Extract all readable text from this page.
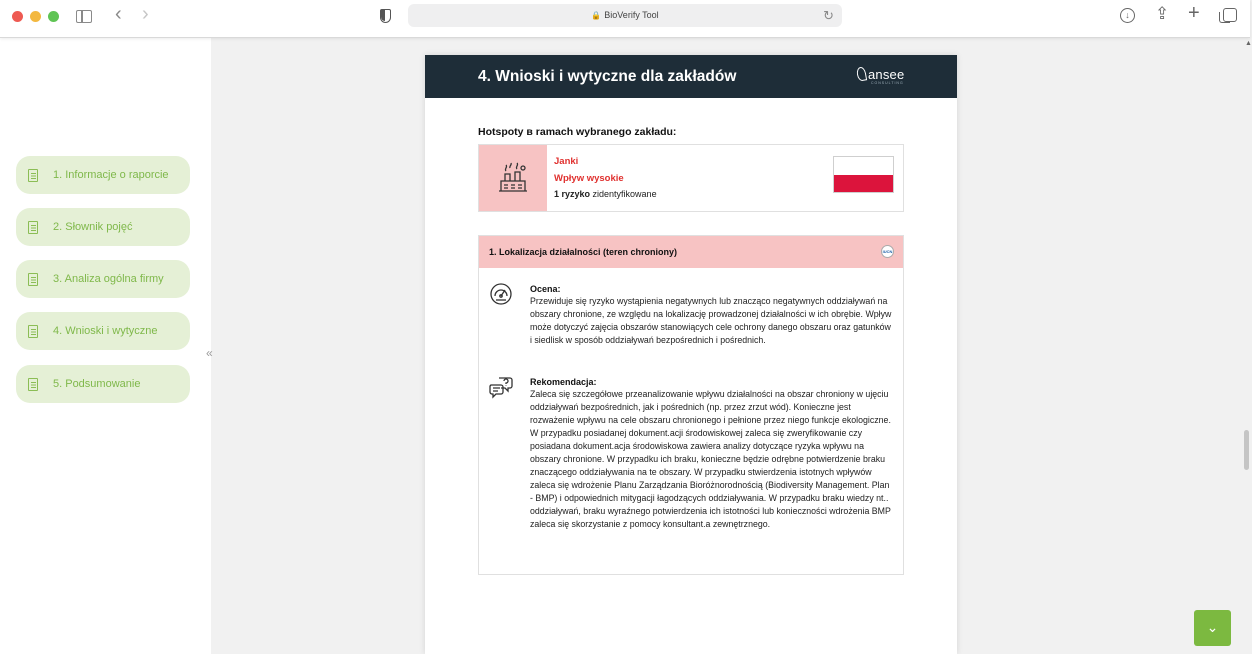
‹ ›	🔒 BioVerify Tool	↻	↓	⇪ +
1. Informacje o raporcie
2. Słownik pojęć
3. Analiza ogólna firmy
4. Wnioski i wytyczne
5. Podsumowanie
«
4. Wnioski i wytyczne dla zakładów	ansee
CONSULTING
Hotspoty в ramach wybranego zakładu:
Janki
Wpływ wysokie
1 ryzyko zidentyfikowane
1. Lokalizacja działalności (teren chroniony)	IUCN
Ocena:
Przewiduje się ryzyko wystąpienia negatywnych lub znacząco negatywnych oddziaływań na obszary chronione, ze względu na lokalizację prowadzonej działalności w ich obrębie. Wpływ może dotyczyć zajęcia obszarów stanowiących cele ochrony danego obszaru oraz gatunków i siedlisk w sposób oddziaływań bezpośrednich i pośrednich.
Rekomendacja:
Zaleca się szczegółowe przeanalizowanie wpływu działalności na obszar chroniony w ujęciu oddziaływań bezpośrednich, jak i pośrednich (np. przez zrzut wód). Konieczne jest rozważenie wpływu na cele obszaru chronionego i pełnione przez niego funkcje ekologiczne. W przypadku posiadanej dokument.acji środowiskowej zaleca się zweryfikowanie czy posiadana dokument.acja środowiskowa zawiera analizy dotyczące ryzyka wpływu na obszary chronione. W przypadku ich braku, konieczne będzie odrębne potwierdzenie braku znaczącego oddziaływania na te obszary. W przypadku stwierdzenia istotnych wpływów zaleca się wdrożenie Planu Zarządzania Bioróżnorodnością (Biodiversity Management. Plan - BMP) i odpowiednich mitygacji łagodzących oddziaływania. W przypadku braku wiedzy nt.. oddziaływań, braku wyraźnego potwierdzenia ich istotności lub konieczności wdrożenia BMP zaleca się skorzystanie z pomocy konsultant.a zewnętrznego.
▲
⌄
